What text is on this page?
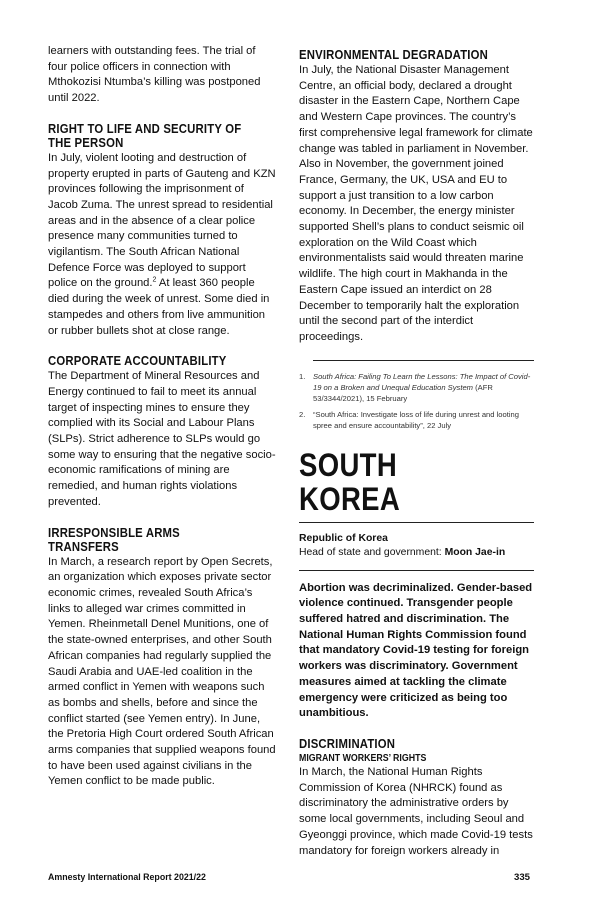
learners with outstanding fees. The trial of four police officers in connection with Mthokozisi Ntumba’s killing was postponed until 2022.

RIGHT TO LIFE AND SECURITY OF THE PERSON

In July, violent looting and destruction of property erupted in parts of Gauteng and KZN provinces following the imprisonment of Jacob Zuma. The unrest spread to residential areas and in the absence of a clear police presence many communities turned to vigilantism. The South African National Defence Force was deployed to support police on the ground.$^2$ At least 360 people died during the week of unrest. Some died in stampedes and others from live ammunition or rubber bullets shot at close range.

CORPORATE ACCOUNTABILITY

The Department of Mineral Resources and Energy continued to fail to meet its annual target of inspecting mines to ensure they complied with its Social and Labour Plans (SLPs). Strict adherence to SLPs would go some way to ensuring that the negative socio-economic ramifications of mining are remedied, and human rights violations prevented.

IRRESPONSIBLE ARMS TRANSFERS

In March, a research report by Open Secrets, an organization which exposes private sector economic crimes, revealed South Africa’s links to alleged war crimes committed in Yemen. Rheinmetall Denel Munitions, one of the state-owned enterprises, and other South African companies had regularly supplied the Saudi Arabia and UAE-led coalition in the armed conflict in Yemen with weapons such as bombs and shells, before and since the conflict started (see Yemen entry). In June, the Pretoria High Court ordered South African arms companies that supplied weapons found to have been used against civilians in the Yemen conflict to be made public.

ENVIRONMENTAL DEGRADATION

In July, the National Disaster Management Centre, an official body, declared a drought disaster in the Eastern Cape, Northern Cape and Western Cape provinces. The country’s first comprehensive legal framework for climate change was tabled in parliament in November. Also in November, the government joined France, Germany, the UK, USA and EU to support a just transition to a low carbon economy. In December, the energy minister supported Shell’s plans to conduct seismic oil exploration on the Wild Coast which environmentalists said would threaten marine wildlife. The high court in Makhanda in the Eastern Cape issued an interdict on 28 December to temporarily halt the exploration until the second part of the interdict proceedings.

1.	South Africa: Failing To Learn the Lessons: The Impact of Covid-19 on a Broken and Unequal Education System (AFR 53/3344/2021), 15 February
2.	“South Africa: Investigate loss of life during unrest and looting spree and ensure accountability”, 22 July
SOUTH KOREA
Republic of Korea
Head of state and government: Moon Jae-in

Abortion was decriminalized. Gender-based violence continued. Transgender people suffered hatred and discrimination. The National Human Rights Commission found that mandatory Covid-19 testing for foreign workers was discriminatory. Government measures aimed at tackling the climate emergency were criticized as being too unambitious.

DISCRIMINATION
MIGRANT WORKERS’ RIGHTS

In March, the National Human Rights Commission of Korea (NHRCK) found as discriminatory the administrative orders by some local governments, including Seoul and Gyeonggi province, which made Covid-19 tests mandatory for foreign workers already in

Amnesty International Report 2021/22	335
